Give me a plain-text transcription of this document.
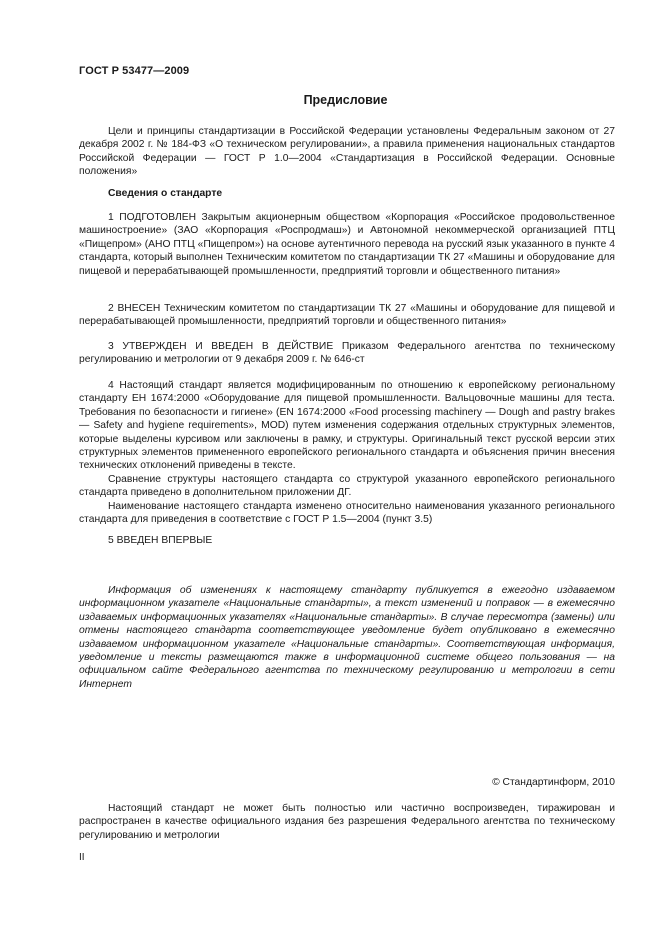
ГОСТ Р 53477—2009
Предисловие

Цели и принципы стандартизации в Российской Федерации установлены Федеральным законом от 27 декабря 2002 г. № 184-ФЗ «О техническом регулировании», а правила применения национальных стандартов Российской Федерации — ГОСТ Р 1.0—2004 «Стандартизация в Российской Федерации. Основные положения»

Сведения о стандарте

1 ПОДГОТОВЛЕН Закрытым акционерным обществом «Корпорация «Российское продовольственное машиностроение» (ЗАО «Корпорация «Роспродмаш») и Автономной некоммерческой организацией ПТЦ «Пищепром» (АНО ПТЦ «Пищепром») на основе аутентичного перевода на русский язык указанного в пункте 4 стандарта, который выполнен Техническим комитетом по стандартизации ТК 27 «Машины и оборудование для пищевой и перерабатывающей промышленности, предприятий торговли и общественного питания»

2 ВНЕСЕН Техническим комитетом по стандартизации ТК 27 «Машины и оборудование для пищевой и перерабатывающей промышленности, предприятий торговли и общественного питания»

3 УТВЕРЖДЕН И ВВЕДЕН В ДЕЙСТВИЕ Приказом Федерального агентства по техническому регулированию и метрологии от 9 декабря 2009 г. № 646-ст

4 Настоящий стандарт является модифицированным по отношению к европейскому региональному стандарту ЕН 1674:2000 «Оборудование для пищевой промышленности. Вальцовочные машины для теста. Требования по безопасности и гигиене» (EN 1674:2000 «Food processing machinery — Dough and pastry brakes — Safety and hygiene requirements», MOD) путем изменения содержания отдельных структурных элементов, которые выделены курсивом или заключены в рамку, и структуры. Оригинальный текст русской версии этих структурных элементов примененного европейского регионального стандарта и объяснения причин внесения технических отклонений приведены в тексте.

Сравнение структуры настоящего стандарта со структурой указанного европейского регионального стандарта приведено в дополнительном приложении ДГ.

Наименование настоящего стандарта изменено относительно наименования указанного регионального стандарта для приведения в соответствие с ГОСТ Р 1.5—2004 (пункт 3.5)

5 ВВЕДЕН ВПЕРВЫЕ

Информация об изменениях к настоящему стандарту публикуется в ежегодно издаваемом информационном указателе «Национальные стандарты», а текст изменений и поправок — в ежемесячно издаваемых информационных указателях «Национальные стандарты». В случае пересмотра (замены) или отмены настоящего стандарта соответствующее уведомление будет опубликовано в ежемесячно издаваемом информационном указателе «Национальные стандарты». Соответствующая информация, уведомление и тексты размещаются также в информационной системе общего пользования — на официальном сайте Федерального агентства по техническому регулированию и метрологии в сети Интернет

© Стандартинформ, 2010

Настоящий стандарт не может быть полностью или частично воспроизведен, тиражирован и распространен в качестве официального издания без разрешения Федерального агентства по техническому регулированию и метрологии

II
